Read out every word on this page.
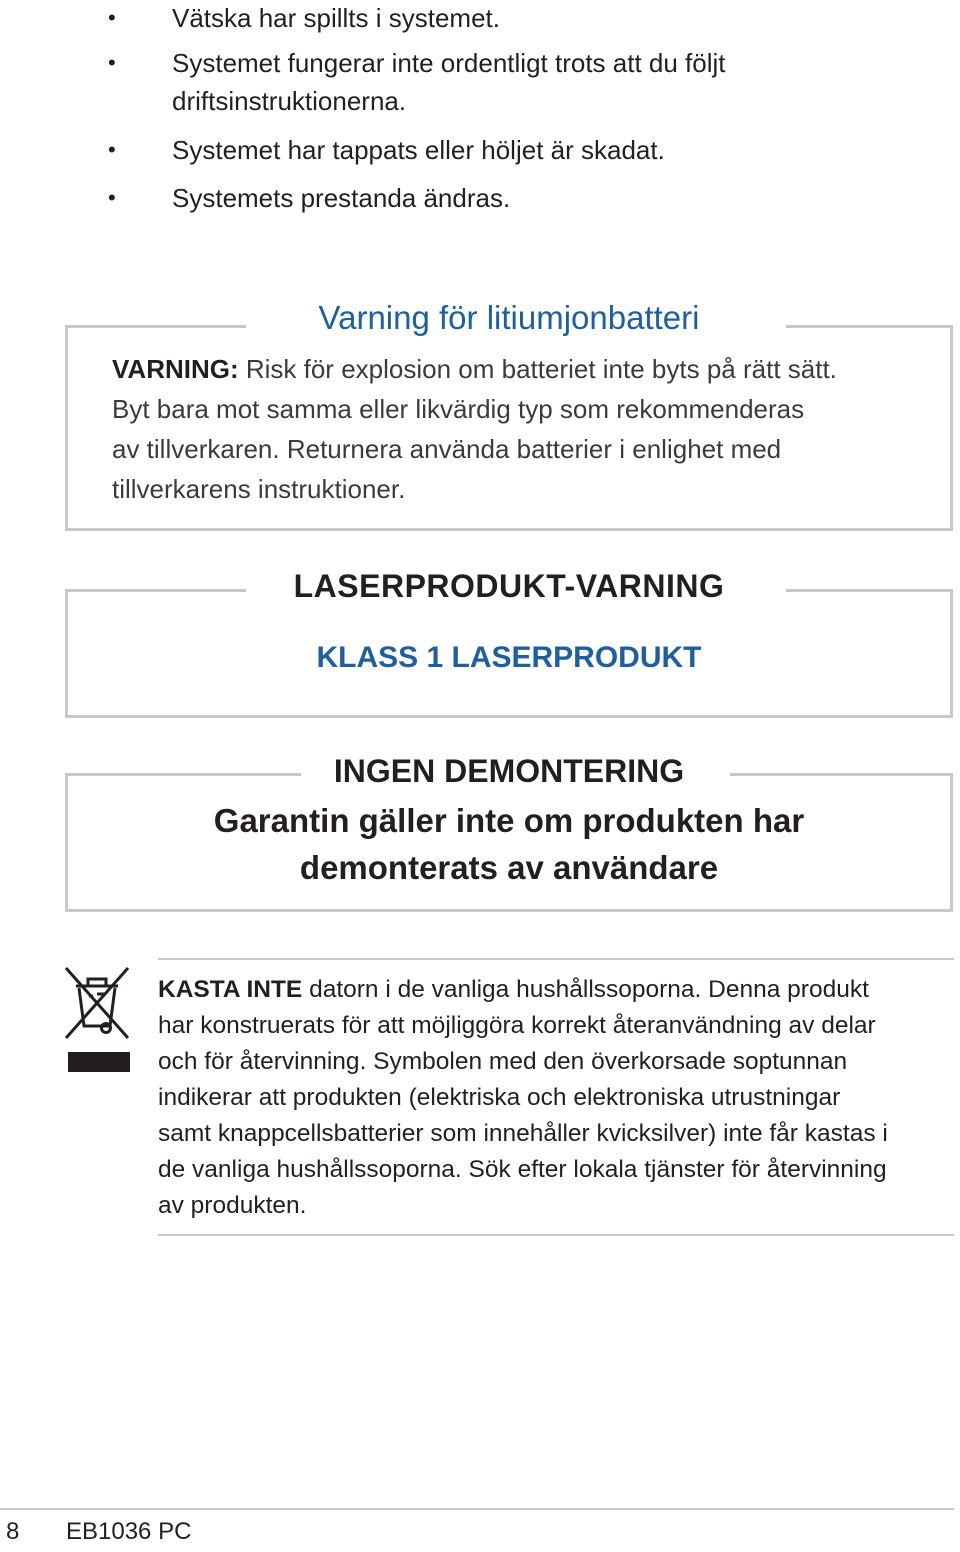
• Vätska har spillts i systemet.
• Systemet fungerar inte ordentligt trots att du följt
driftsinstruktionerna.
• Systemet har tappats eller höljet är skadat.
• Systemets prestanda ändras.
Varning för litiumjonbatteri
VARNING: Risk för explosion om batteriet inte byts på rätt sätt.
Byt bara mot samma eller likvärdig typ som rekommenderas
av tillverkaren. Returnera använda batterier i enlighet med
tillverkarens instruktioner.
LASERPRODUKT-VARNING
KLASS 1 LASERPRODUKT
INGEN DEMONTERING
Garantin gäller inte om produkten har
demonterats av användare
KASTA INTE datorn i de vanliga hushållssoporna. Denna produkt
har konstruerats för att möjliggöra korrekt återanvändning av delar
och för återvinning. Symbolen med den överkorsade soptunnan
indikerar att produkten (elektriska och elektroniska utrustningar
samt knappcellsbatterier som innehåller kvicksilver) inte får kastas i
de vanliga hushållssoporna. Sök efter lokala tjänster för återvinning
av produkten.
8 EB1036 PC
